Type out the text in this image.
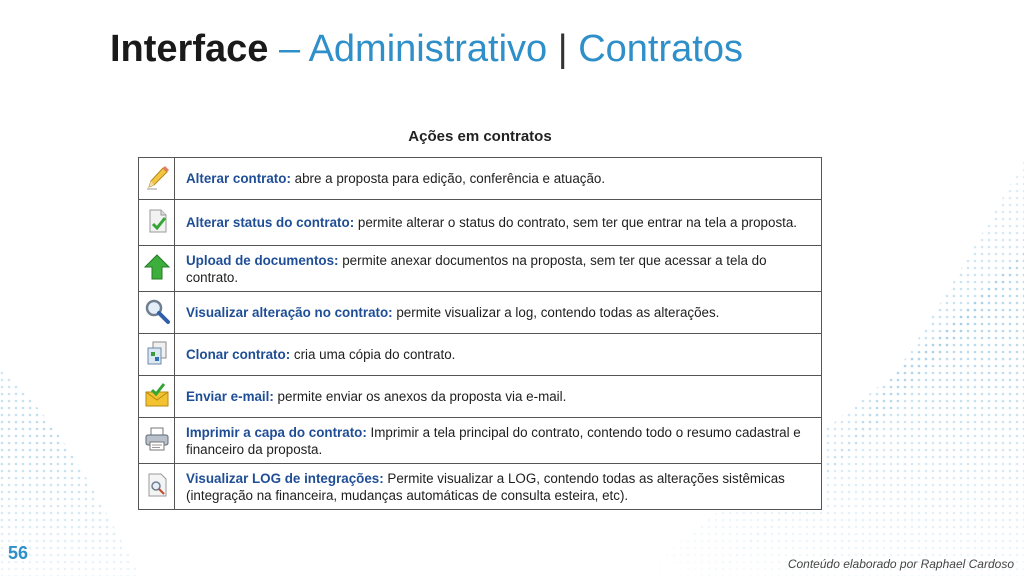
Interface – Administrativo | Contratos
Ações em contratos
	Alterar contrato: abre a proposta para edição, conferência e atuação.
	Alterar status do contrato: permite alterar o status do contrato, sem ter que entrar na tela a proposta.
	Upload de documentos: permite anexar documentos na proposta, sem ter que acessar a tela do contrato.
	Visualizar alteração no contrato: permite visualizar a log, contendo todas as alterações.
	Clonar contrato: cria uma cópia do contrato.
	Enviar e-mail: permite enviar os anexos da proposta via e-mail.
	Imprimir a capa do contrato: Imprimir a tela principal do contrato, contendo todo o resumo cadastral e financeiro da proposta.
	Visualizar LOG de integrações: Permite visualizar a LOG, contendo todas as alterações sistêmicas (integração na financeira, mudanças automáticas de consulta esteira, etc).
56
Conteúdo elaborado por Raphael Cardoso
